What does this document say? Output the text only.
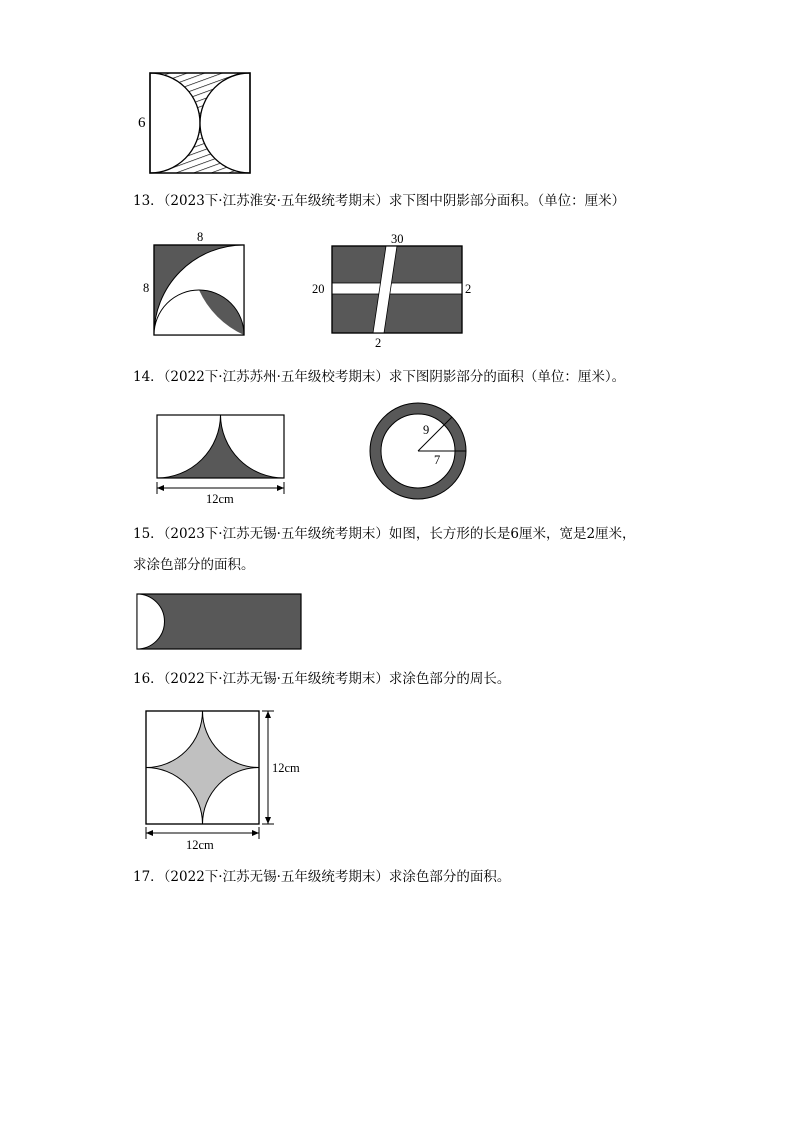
6
13．（2023下·江苏淮安·五年级统考期末）求下图中阴影部分面积。（单位：厘米）
8
8
30
20	2
2
14．（2022下·江苏苏州·五年级校考期末）求下图阴影部分的面积（单位：厘米）。
12cm
9
7
15．（2023下·江苏无锡·五年级统考期末）如图，长方形的长是6厘米，宽是2厘米，
求涂色部分的面积。
16．（2022下·江苏无锡·五年级统考期末）求涂色部分的周长。
12cm
12cm
17．（2022下·江苏无锡·五年级统考期末）求涂色部分的面积。
